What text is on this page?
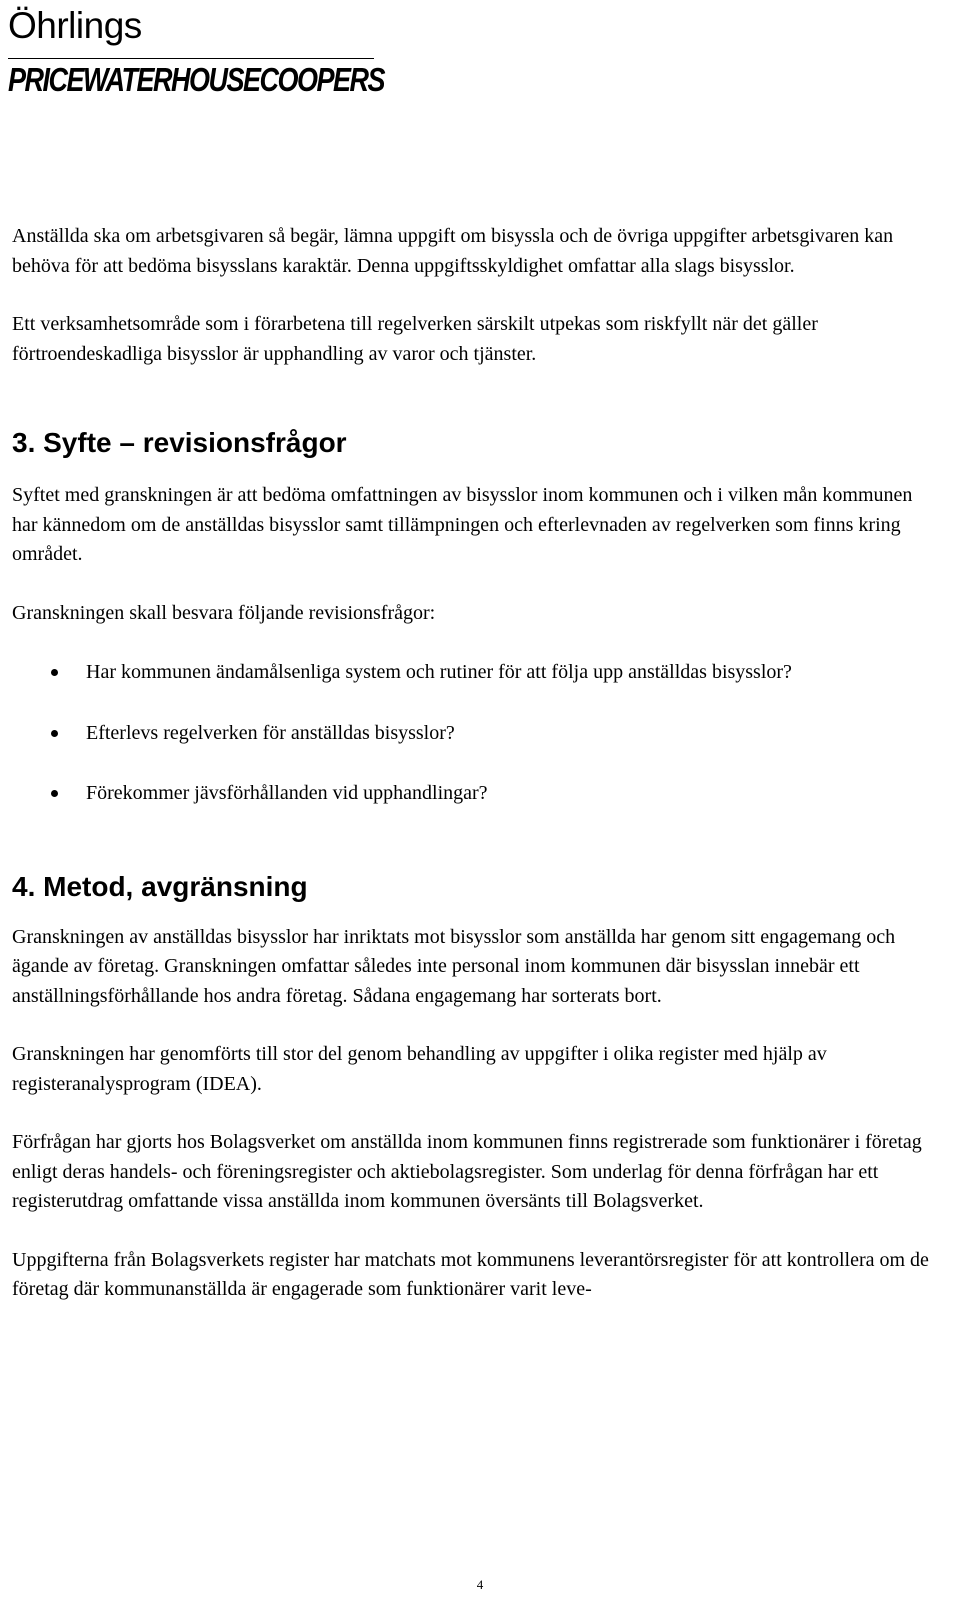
Öhrlings
PRICEWATERHOUSECOOPERS

Anställda ska om arbetsgivaren så begär, lämna uppgift om bisyssla och de övriga uppgifter arbetsgivaren kan behöva för att bedöma bisysslans karaktär. Denna uppgiftsskyldighet omfattar alla slags bisysslor.

Ett verksamhetsområde som i förarbetena till regelverken särskilt utpekas som riskfyllt när det gäller förtroendeskadliga bisysslor är upphandling av varor och tjänster.

3. Syfte – revisionsfrågor

Syftet med granskningen är att bedöma omfattningen av bisysslor inom kommunen och i vilken mån kommunen har kännedom om de anställdas bisysslor samt tillämpningen och efterlevnaden av regelverken som finns kring området.

Granskningen skall besvara följande revisionsfrågor:

Har kommunen ändamålsenliga system och rutiner för att följa upp anställdas bisysslor?
Efterlevs regelverken för anställdas bisysslor?
Förekommer jävsförhållanden vid upphandlingar?
4. Metod, avgränsning

Granskningen av anställdas bisysslor har inriktats mot bisysslor som anställda har genom sitt engagemang och ägande av företag. Granskningen omfattar således inte personal inom kommunen där bisysslan innebär ett anställningsförhållande hos andra företag. Sådana engagemang har sorterats bort.

Granskningen har genomförts till stor del genom behandling av uppgifter i olika register med hjälp av registeranalysprogram (IDEA).

Förfrågan har gjorts hos Bolagsverket om anställda inom kommunen finns registrerade som funktionärer i företag enligt deras handels- och föreningsregister och aktiebolagsregister. Som underlag för denna förfrågan har ett registerutdrag omfattande vissa anställda inom kommunen översänts till Bolagsverket.

Uppgifterna från Bolagsverkets register har matchats mot kommunens leverantörsregister för att kontrollera om de företag där kommunanställda är engagerade som funktionärer varit leve-

4
